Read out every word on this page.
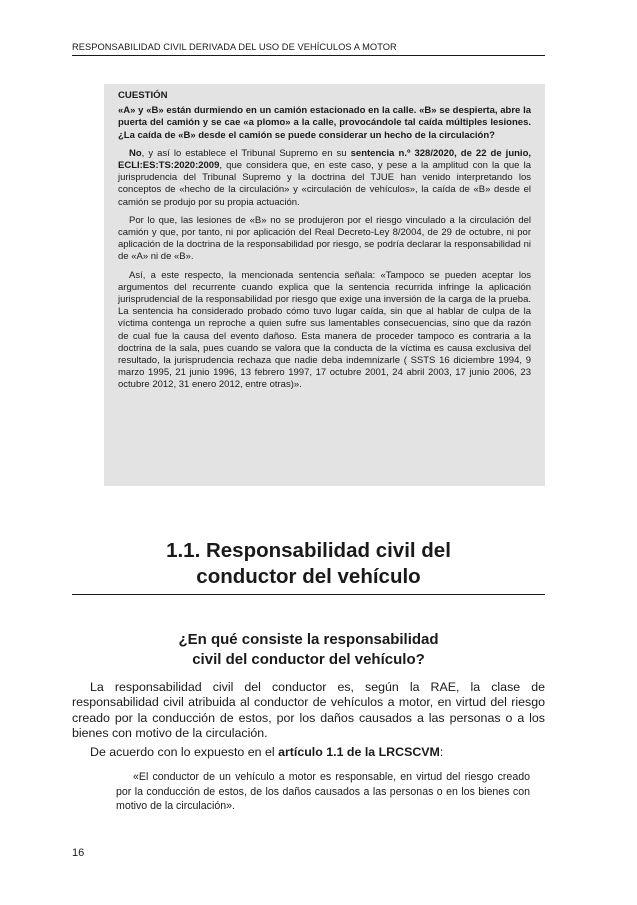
RESPONSABILIDAD CIVIL DERIVADA DEL USO DE VEHÍCULOS A MOTOR

CUESTIÓN

«A» y «B» están durmiendo en un camión estacionado en la calle. «B» se despierta, abre la puerta del camión y se cae «a plomo» a la calle, provocándole tal caída múltiples lesiones. ¿La caída de «B» desde el camión se puede considerar un hecho de la circulación?

No, y así lo establece el Tribunal Supremo en su sentencia n.º 328/2020, de 22 de junio, ECLI:ES:TS:2020:2009, que considera que, en este caso, y pese a la amplitud con la que la jurisprudencia del Tribunal Supremo y la doctrina del TJUE han venido interpretando los conceptos de «hecho de la circulación» y «circulación de vehículos», la caída de «B» desde el camión se produjo por su propia actuación.

Por lo que, las lesiones de «B» no se produjeron por el riesgo vinculado a la circulación del camión y que, por tanto, ni por aplicación del Real Decreto-Ley 8/2004, de 29 de octubre, ni por aplicación de la doctrina de la responsabilidad por riesgo, se podría declarar la responsabilidad ni de «A» ni de «B».

Así, a este respecto, la mencionada sentencia señala: «Tampoco se pueden aceptar los argumentos del recurrente cuando explica que la sentencia recurrida infringe la aplicación jurisprudencial de la responsabilidad por riesgo que exige una inversión de la carga de la prueba. La sentencia ha considerado probado cómo tuvo lugar caída, sin que al hablar de culpa de la víctima contenga un reproche a quien sufre sus lamentables consecuencias, sino que da razón de cual fue la causa del evento dañoso. Esta manera de proceder tampoco es contraria a la doctrina de la sala, pues cuando se valora que la conducta de la víctima es causa exclusiva del resultado, la jurisprudencia rechaza que nadie deba indemnizarle ( SSTS 16 diciembre 1994, 9 marzo 1995, 21 junio 1996, 13 febrero 1997, 17 octubre 2001, 24 abril 2003, 17 junio 2006, 23 octubre 2012, 31 enero 2012, entre otras)».

1.1. Responsabilidad civil del
conductor del vehículo
¿En qué consiste la responsabilidad
civil del conductor del vehículo?

La responsabilidad civil del conductor es, según la RAE, la clase de responsabilidad civil atribuida al conductor de vehículos a motor, en virtud del riesgo creado por la conducción de estos, por los daños causados a las personas o a los bienes con motivo de la circulación.

De acuerdo con lo expuesto en el artículo 1.1 de la LRCSCVM:

«El conductor de un vehículo a motor es responsable, en virtud del riesgo creado por la conducción de estos, de los daños causados a las personas o en los bienes con motivo de la circulación».

16
